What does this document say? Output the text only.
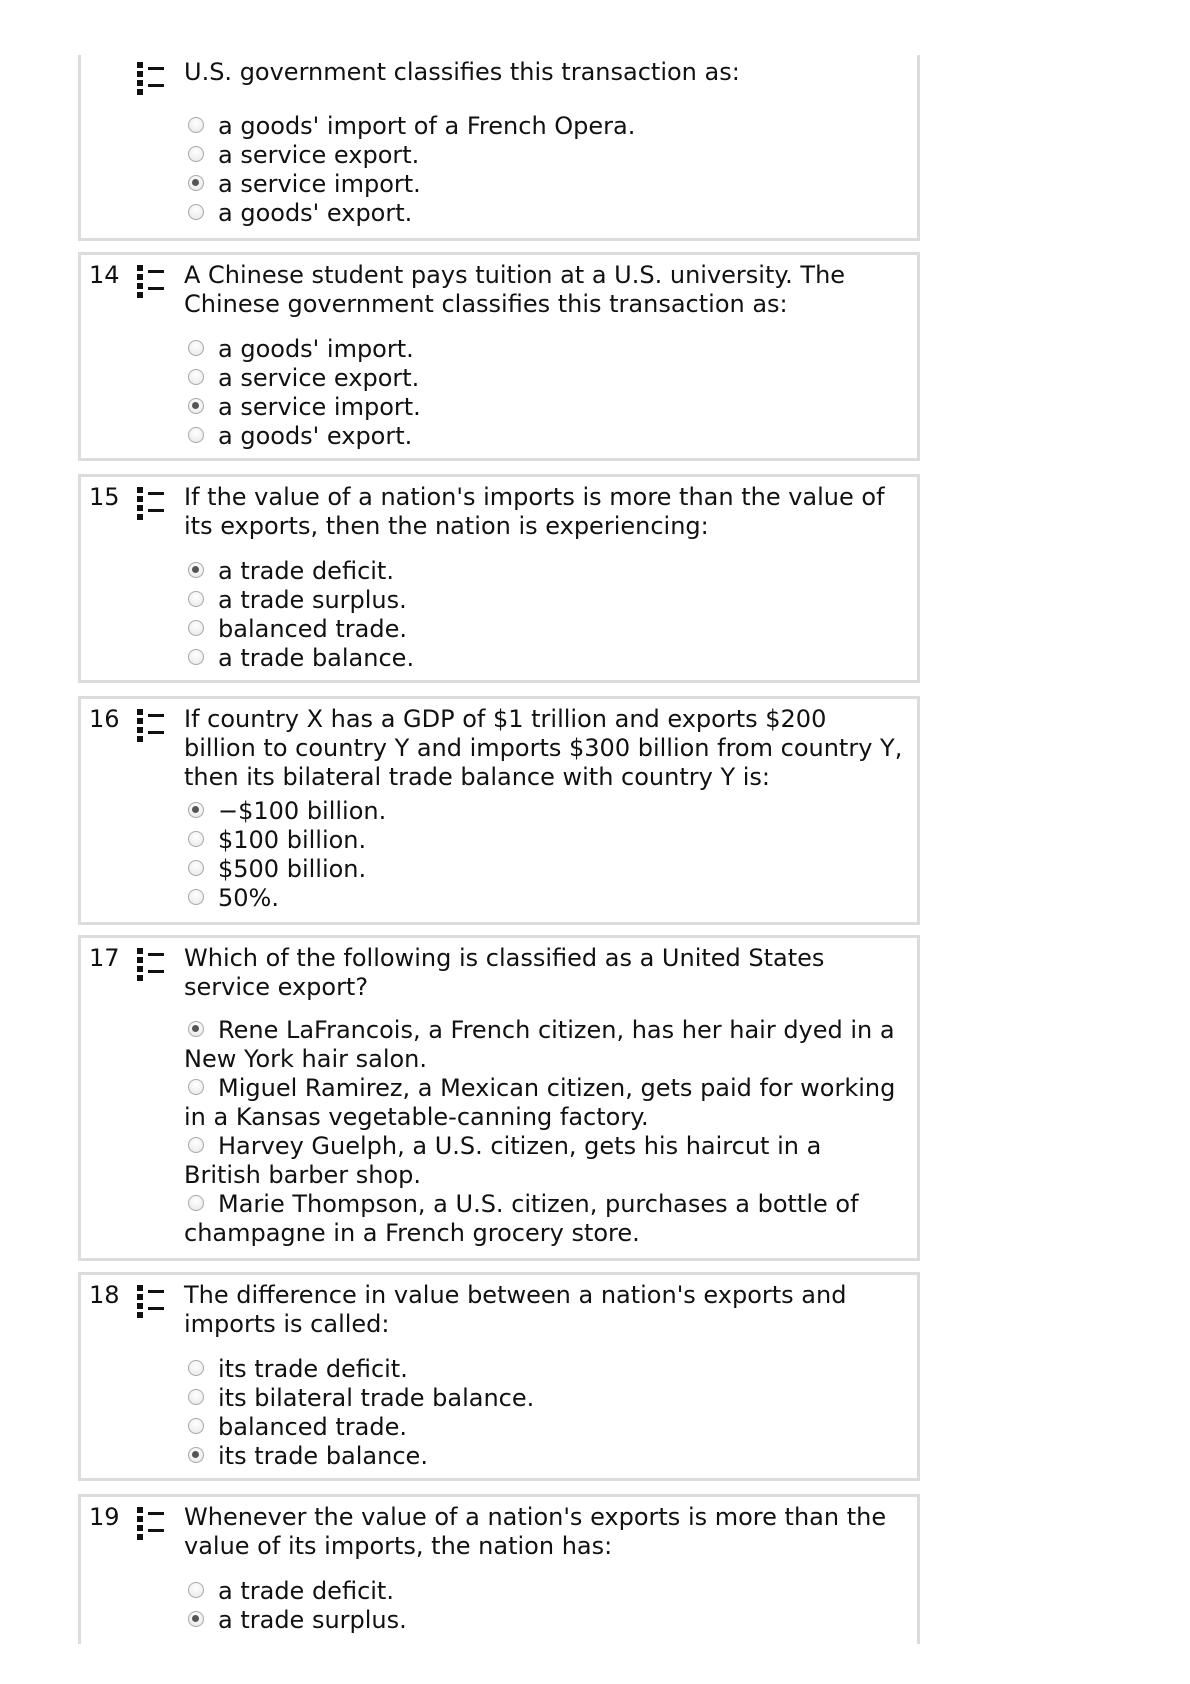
U.S. government classifies this transaction as:
a goods' import of a French Opera.
a service export.
a service import.
a goods' export.
14	A Chinese student pays tuition at a U.S. university. The Chinese government classifies this transaction as:
a goods' import.
a service export.
a service import.
a goods' export.
15	If the value of a nation's imports is more than the value of its exports, then the nation is experiencing:
a trade deficit.
a trade surplus.
balanced trade.
a trade balance.
16	If country X has a GDP of $1 trillion and exports $200 billion to country Y and imports $300 billion from country Y, then its bilateral trade balance with country Y is:
−$100 billion.
$100 billion.
$500 billion.
50%.
17	Which of the following is classified as a United States service export?
Rene LaFrancois, a French citizen, has her hair dyed in a New York hair salon.
Miguel Ramirez, a Mexican citizen, gets paid for working in a Kansas vegetable-canning factory.
Harvey Guelph, a U.S. citizen, gets his haircut in a British barber shop.
Marie Thompson, a U.S. citizen, purchases a bottle of champagne in a French grocery store.
18	The difference in value between a nation's exports and imports is called:
its trade deficit.
its bilateral trade balance.
balanced trade.
its trade balance.
19	Whenever the value of a nation's exports is more than the value of its imports, the nation has:
a trade deficit.
a trade surplus.
